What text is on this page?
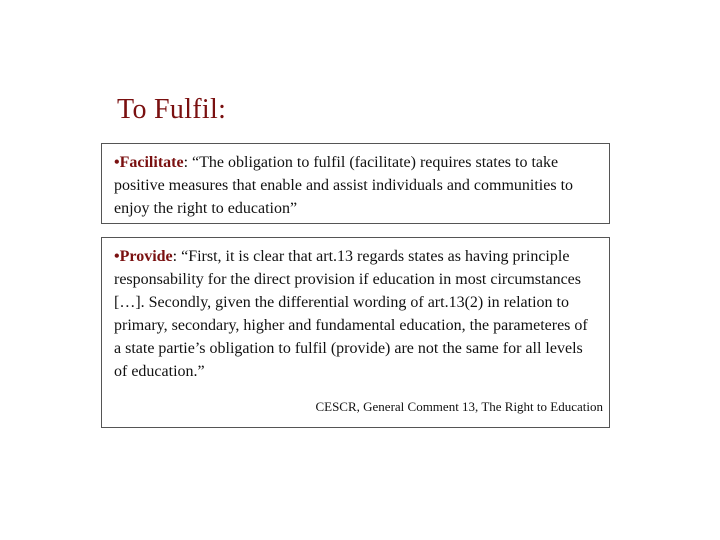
To Fulfil:

•Facilitate: “The obligation to fulfil (facilitate) requires states to take positive measures that enable and assist individuals and communities to enjoy the right to education”

•Provide: “First, it is clear that art.13 regards states as having principle responsability for the direct provision if education in most circumstances […]. Secondly, given the differential wording of art.13(2) in relation to primary, secondary, higher and fundamental education, the parameteres of a state partie’s obligation to fulfil (provide) are not the same for all levels of education.”

CESCR, General Comment 13, The Right to Education
